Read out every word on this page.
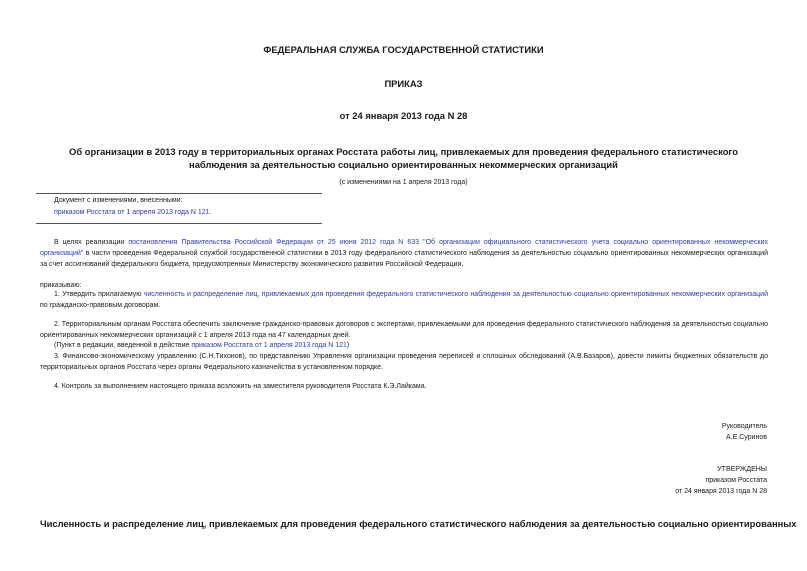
ФЕДЕРАЛЬНАЯ СЛУЖБА ГОСУДАРСТВЕННОЙ СТАТИСТИКИ
ПРИКАЗ
от 24 января 2013 года N 28
Об организации в 2013 году в территориальных органах Росстата работы лиц, привлекаемых для проведения федерального статистического наблюдения за деятельностью социально ориентированных некоммерческих организаций
(с изменениями на 1 апреля 2013 года)
Документ с изменениями, внесенными:
приказом Росстата от 1 апреля 2013 года N 121.
В целях реализации постановления Правительства Российской Федерации от 25 июня 2012 года N 633 "Об организации официального статистического учета социально ориентированных некоммерческих организаций" в части проведения Федеральной службой государственной статистики в 2013 году федерального статистического наблюдения за деятельностью социально ориентированных некоммерческих организаций за счет ассигнований федерального бюджета, предусмотренных Министерству экономического развития Российской Федерации,
приказываю:
1. Утвердить прилагаемую численность и распределение лиц, привлекаемых для проведения федерального статистического наблюдения за деятельностью социально ориентированных некоммерческих организаций по гражданско-правовым договорам.
2. Территориальным органам Росстата обеспечить заключение гражданско-правовых договоров с экспертами, привлекаемыми для проведения федерального статистического наблюдения за деятельностью социально ориентированных некоммерческих организаций с 1 апреля 2013 года на 47 календарных дней.
(Пункт в редакции, введенной в действие приказом Росстата от 1 апреля 2013 года N 121)
3. Финансово-экономическому управлению (С.Н.Тихонов), по представлению Управления организации проведения переписей и сплошных обследований (А.В.Базаров), довести лимиты бюджетных обязательств до территориальных органов Росстата через органы Федерального казначейства в установленном порядке.
4. Контроль за выполнением настоящего приказа возложить на заместителя руководителя Росстата К.Э.Лайкама.
Руководитель
А.Е.Суринов
УТВЕРЖДЕНЫ
приказом Росстата
от 24 января 2013 года N 28
Численность и распределение лиц, привлекаемых для проведения федерального статистического наблюдения за деятельностью социально ориентированных
